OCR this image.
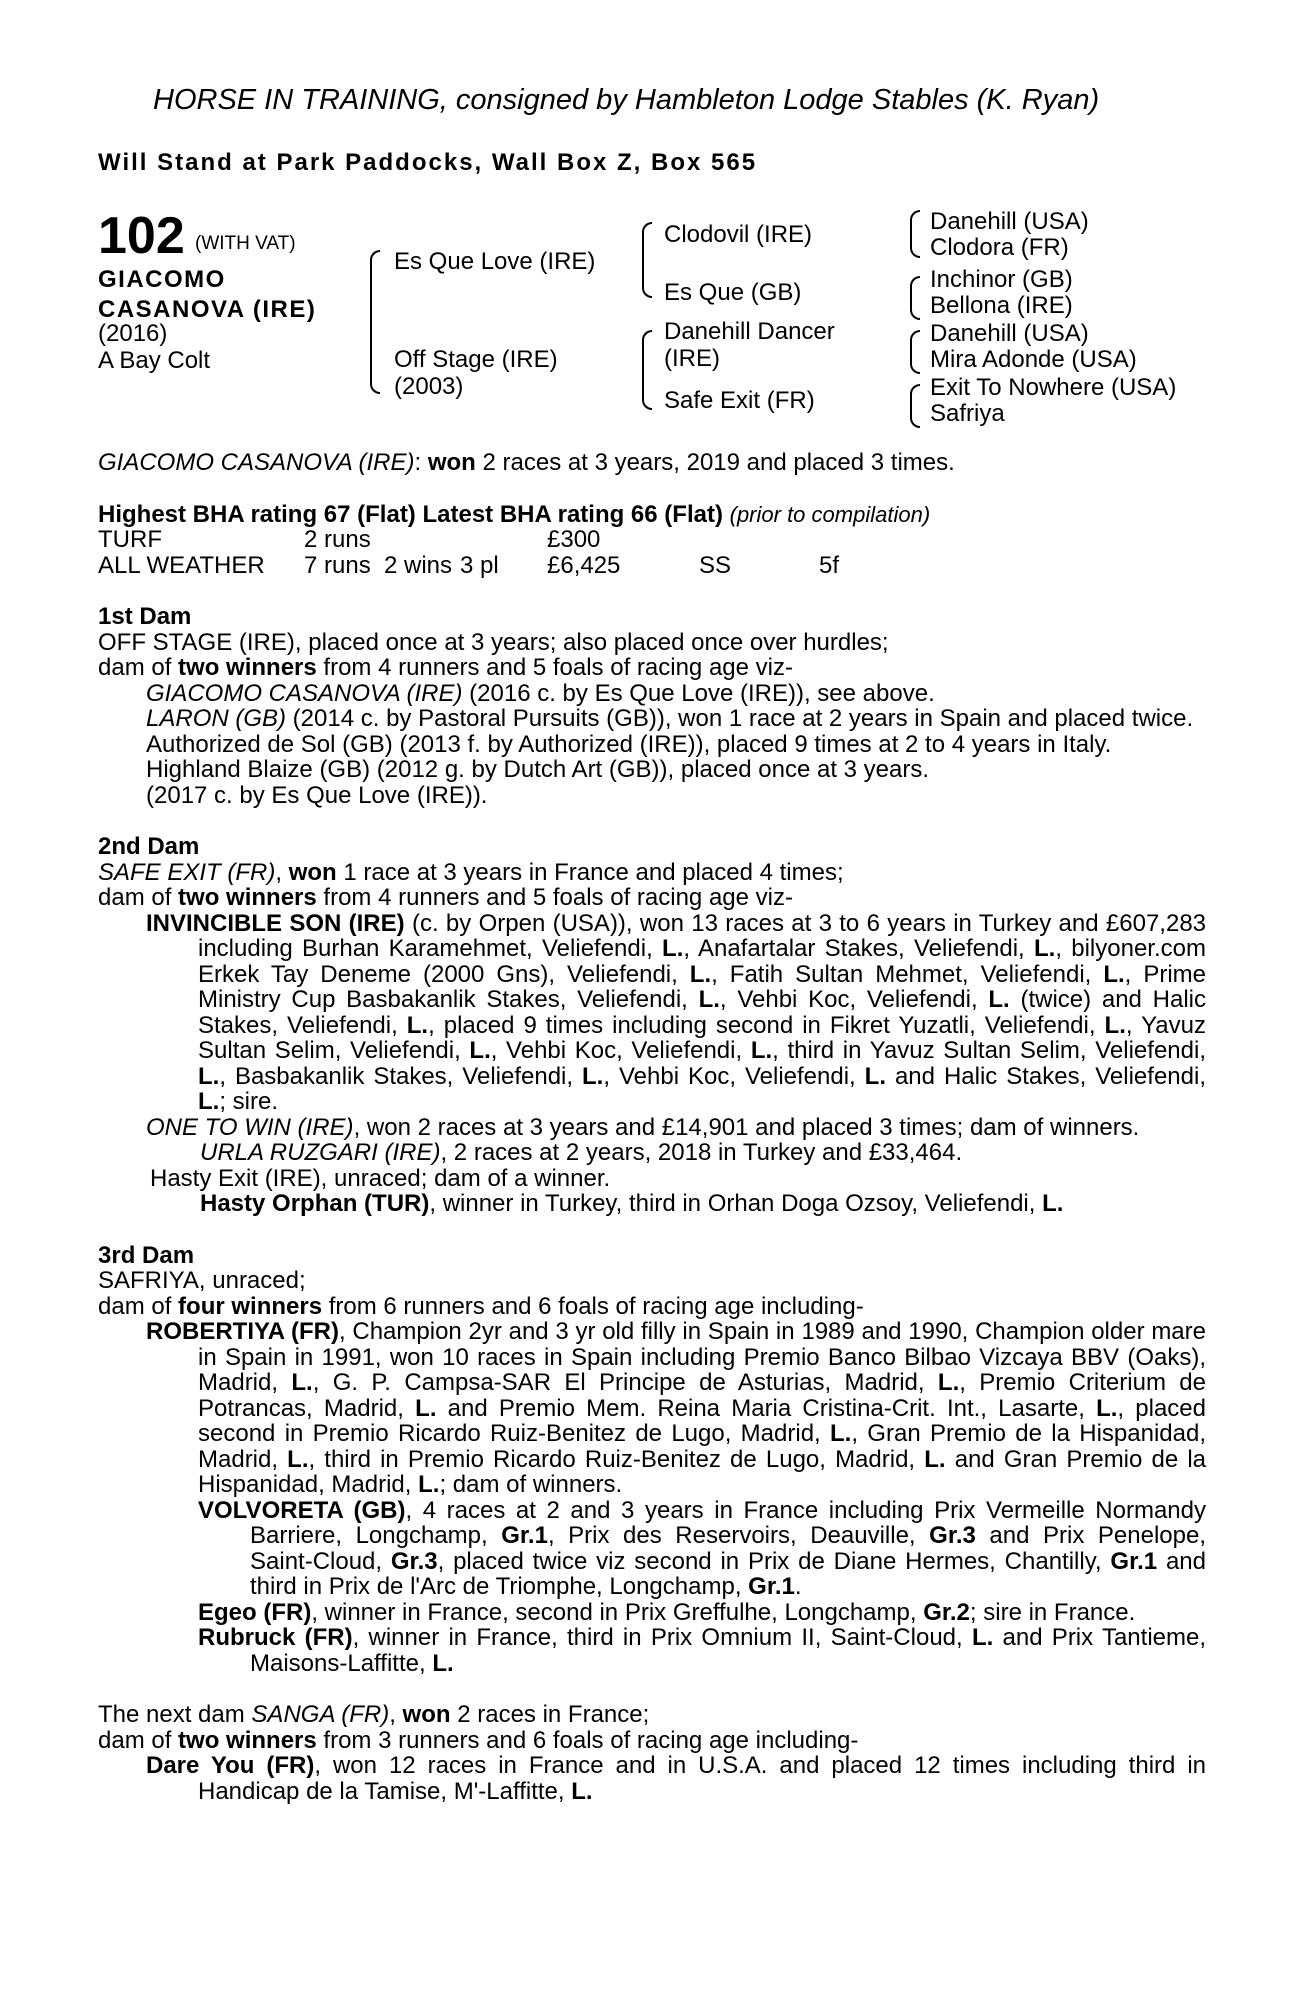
HORSE IN TRAINING, consigned by Hambleton Lodge Stables (K. Ryan)
Will Stand at Park Paddocks, Wall Box Z, Box 565
102 (WITH VAT)
GIACOMO
CASANOVA (IRE)
(2016)
A Bay Colt
Es Que Love (IRE)
Off Stage (IRE)
(2003)
Clodovil (IRE)
Es Que (GB)
Danehill Dancer
(IRE)
Safe Exit (FR)
Danehill (USA)
Clodora (FR)
Inchinor (GB)
Bellona (IRE)
Danehill (USA)
Mira Adonde (USA)
Exit To Nowhere (USA)
Safriya

GIACOMO CASANOVA (IRE): won 2 races at 3 years, 2019 and placed 3 times.

Highest BHA rating 67 (Flat) Latest BHA rating 66 (Flat) (prior to compilation)

TURF	2 runs			£300		
ALL WEATHER	7 runs	2 wins	3 pl	£6,425	SS	5f

1st Dam

OFF STAGE (IRE), placed once at 3 years; also placed once over hurdles;

dam of two winners from 4 runners and 5 foals of racing age viz-

GIACOMO CASANOVA (IRE) (2016 c. by Es Que Love (IRE)), see above.

LARON (GB) (2014 c. by Pastoral Pursuits (GB)), won 1 race at 2 years in Spain and placed twice.

Authorized de Sol (GB) (2013 f. by Authorized (IRE)), placed 9 times at 2 to 4 years in Italy.

Highland Blaize (GB) (2012 g. by Dutch Art (GB)), placed once at 3 years.

(2017 c. by Es Que Love (IRE)).

2nd Dam

SAFE EXIT (FR), won 1 race at 3 years in France and placed 4 times;

dam of two winners from 4 runners and 5 foals of racing age viz-

INVINCIBLE SON (IRE) (c. by Orpen (USA)), won 13 races at 3 to 6 years in Turkey and £607,283 including Burhan Karamehmet, Veliefendi, L., Anafartalar Stakes, Veliefendi, L., bilyoner.com Erkek Tay Deneme (2000 Gns), Veliefendi, L., Fatih Sultan Mehmet, Veliefendi, L., Prime Ministry Cup Basbakanlik Stakes, Veliefendi, L., Vehbi Koc, Veliefendi, L. (twice) and Halic Stakes, Veliefendi, L., placed 9 times including second in Fikret Yuzatli, Veliefendi, L., Yavuz Sultan Selim, Veliefendi, L., Vehbi Koc, Veliefendi, L., third in Yavuz Sultan Selim, Veliefendi, L., Basbakanlik Stakes, Veliefendi, L., Vehbi Koc, Veliefendi, L. and Halic Stakes, Veliefendi, L.; sire.

ONE TO WIN (IRE), won 2 races at 3 years and £14,901 and placed 3 times; dam of winners.

URLA RUZGARI (IRE), 2 races at 2 years, 2018 in Turkey and £33,464.

Hasty Exit (IRE), unraced; dam of a winner.

Hasty Orphan (TUR), winner in Turkey, third in Orhan Doga Ozsoy, Veliefendi, L.

3rd Dam

SAFRIYA, unraced;

dam of four winners from 6 runners and 6 foals of racing age including-

ROBERTIYA (FR), Champion 2yr and 3 yr old filly in Spain in 1989 and 1990, Champion older mare in Spain in 1991, won 10 races in Spain including Premio Banco Bilbao Vizcaya BBV (Oaks), Madrid, L., G. P. Campsa-SAR El Principe de Asturias, Madrid, L., Premio Criterium de Potrancas, Madrid, L. and Premio Mem. Reina Maria Cristina-Crit. Int., Lasarte, L., placed second in Premio Ricardo Ruiz-Benitez de Lugo, Madrid, L., Gran Premio de la Hispanidad, Madrid, L., third in Premio Ricardo Ruiz-Benitez de Lugo, Madrid, L. and Gran Premio de la Hispanidad, Madrid, L.; dam of winners.

VOLVORETA (GB), 4 races at 2 and 3 years in France including Prix Vermeille Normandy Barriere, Longchamp, Gr.1, Prix des Reservoirs, Deauville, Gr.3 and Prix Penelope, Saint-Cloud, Gr.3, placed twice viz second in Prix de Diane Hermes, Chantilly, Gr.1 and third in Prix de l'Arc de Triomphe, Longchamp, Gr.1.

Egeo (FR), winner in France, second in Prix Greffulhe, Longchamp, Gr.2; sire in France.

Rubruck (FR), winner in France, third in Prix Omnium II, Saint-Cloud, L. and Prix Tantieme, Maisons-Laffitte, L.

The next dam SANGA (FR), won 2 races in France;

dam of two winners from 3 runners and 6 foals of racing age including-

Dare You (FR), won 12 races in France and in U.S.A. and placed 12 times including third in Handicap de la Tamise, M'-Laffitte, L.
